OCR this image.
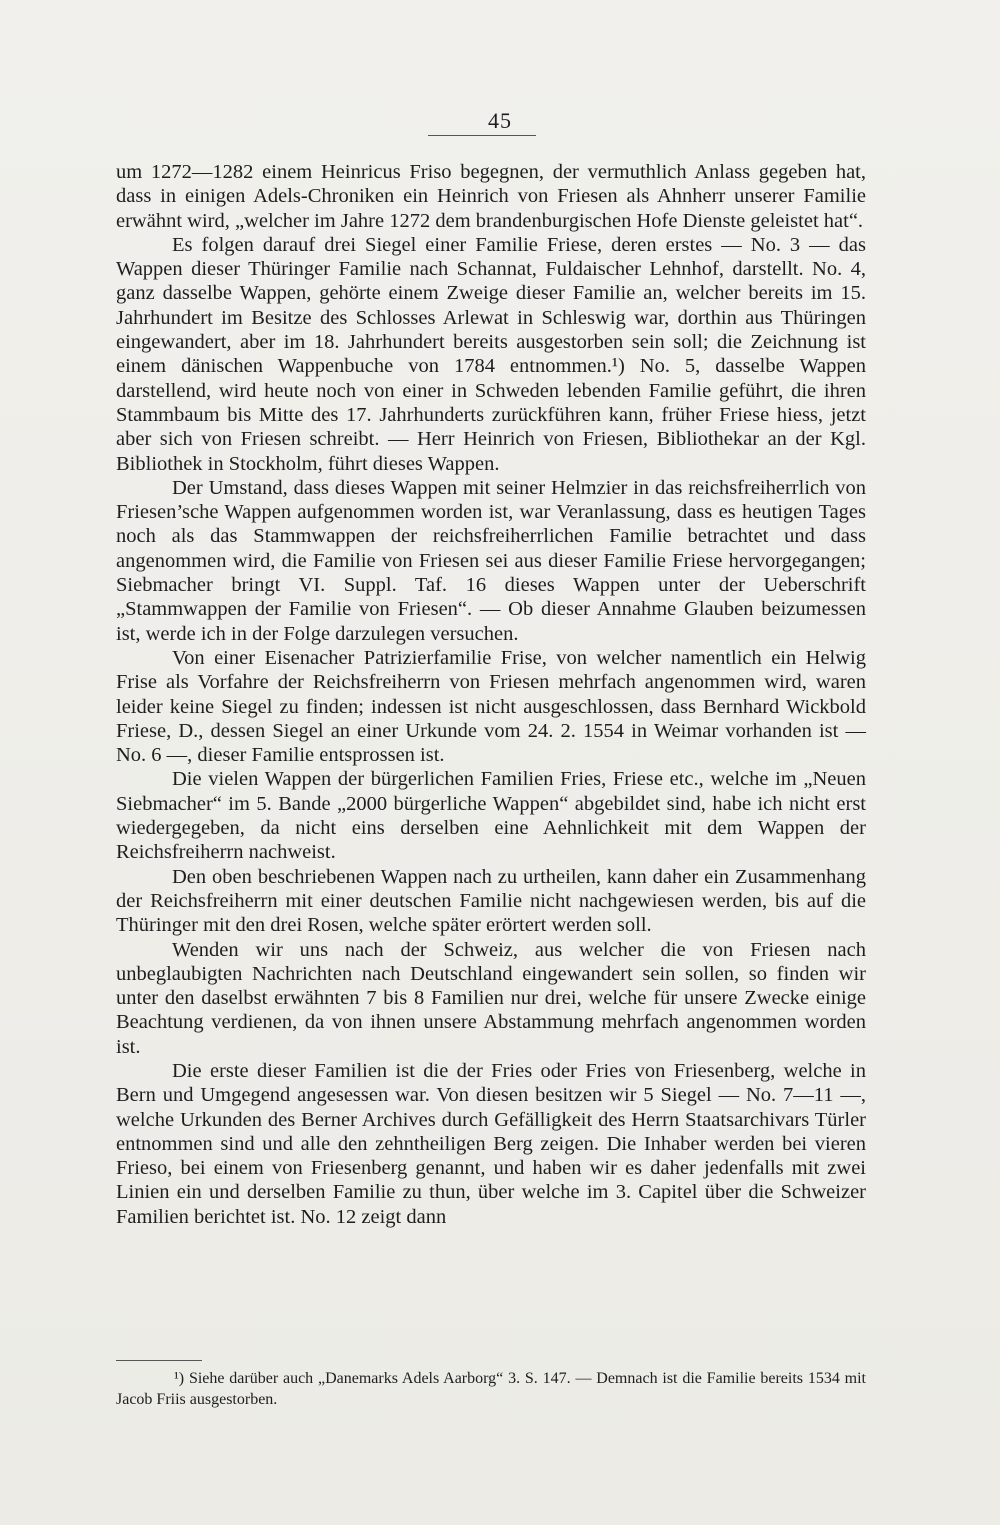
45

um 1272—1282 einem Heinricus Friso begegnen, der vermuthlich Anlass gegeben hat, dass in einigen Adels-Chroniken ein Heinrich von Friesen als Ahnherr unserer Familie erwähnt wird, „welcher im Jahre 1272 dem brandenburgischen Hofe Dienste geleistet hat“.

Es folgen darauf drei Siegel einer Familie Friese, deren erstes — No. 3 — das Wappen dieser Thüringer Familie nach Schannat, Fuldaischer Lehnhof, darstellt. No. 4, ganz dasselbe Wappen, gehörte einem Zweige dieser Familie an, welcher bereits im 15. Jahrhundert im Besitze des Schlosses Arlewat in Schleswig war, dorthin aus Thüringen eingewandert, aber im 18. Jahrhundert bereits ausgestorben sein soll; die Zeichnung ist einem dänischen Wappenbuche von 1784 entnommen.¹) No. 5, dasselbe Wappen darstellend, wird heute noch von einer in Schweden lebenden Familie geführt, die ihren Stammbaum bis Mitte des 17. Jahrhunderts zurückführen kann, früher Friese hiess, jetzt aber sich von Friesen schreibt. — Herr Heinrich von Friesen, Bibliothekar an der Kgl. Bibliothek in Stockholm, führt dieses Wappen.

Der Umstand, dass dieses Wappen mit seiner Helmzier in das reichsfreiherrlich von Friesen’sche Wappen aufgenommen worden ist, war Veranlassung, dass es heutigen Tages noch als das Stammwappen der reichsfreiherrlichen Familie betrachtet und dass angenommen wird, die Familie von Friesen sei aus dieser Familie Friese hervorgegangen; Siebmacher bringt VI. Suppl. Taf. 16 dieses Wappen unter der Ueberschrift „Stammwappen der Familie von Friesen“. — Ob dieser Annahme Glauben beizumessen ist, werde ich in der Folge darzulegen versuchen.

Von einer Eisenacher Patrizierfamilie Frise, von welcher namentlich ein Helwig Frise als Vorfahre der Reichsfreiherrn von Friesen mehrfach angenommen wird, waren leider keine Siegel zu finden; indessen ist nicht ausgeschlossen, dass Bernhard Wickbold Friese, D., dessen Siegel an einer Urkunde vom 24. 2. 1554 in Weimar vorhanden ist — No. 6 —, dieser Familie entsprossen ist.

Die vielen Wappen der bürgerlichen Familien Fries, Friese etc., welche im „Neuen Siebmacher“ im 5. Bande „2000 bürgerliche Wappen“ abgebildet sind, habe ich nicht erst wiedergegeben, da nicht eins derselben eine Aehnlichkeit mit dem Wappen der Reichsfreiherrn nachweist.

Den oben beschriebenen Wappen nach zu urtheilen, kann daher ein Zusammenhang der Reichsfreiherrn mit einer deutschen Familie nicht nachgewiesen werden, bis auf die Thüringer mit den drei Rosen, welche später erörtert werden soll.

Wenden wir uns nach der Schweiz, aus welcher die von Friesen nach unbeglaubigten Nachrichten nach Deutschland eingewandert sein sollen, so finden wir unter den daselbst erwähnten 7 bis 8 Familien nur drei, welche für unsere Zwecke einige Beachtung verdienen, da von ihnen unsere Abstammung mehrfach angenommen worden ist.

Die erste dieser Familien ist die der Fries oder Fries von Friesenberg, welche in Bern und Umgegend angesessen war. Von diesen besitzen wir 5 Siegel — No. 7—11 —, welche Urkunden des Berner Archives durch Gefälligkeit des Herrn Staatsarchivars Türler entnommen sind und alle den zehntheiligen Berg zeigen. Die Inhaber werden bei vieren Frieso, bei einem von Friesenberg genannt, und haben wir es daher jedenfalls mit zwei Linien ein und derselben Familie zu thun, über welche im 3. Capitel über die Schweizer Familien berichtet ist. No. 12 zeigt dann

¹) Siehe darüber auch „Danemarks Adels Aarborg“ 3. S. 147. — Demnach ist die Familie bereits 1534 mit Jacob Friis ausgestorben.
